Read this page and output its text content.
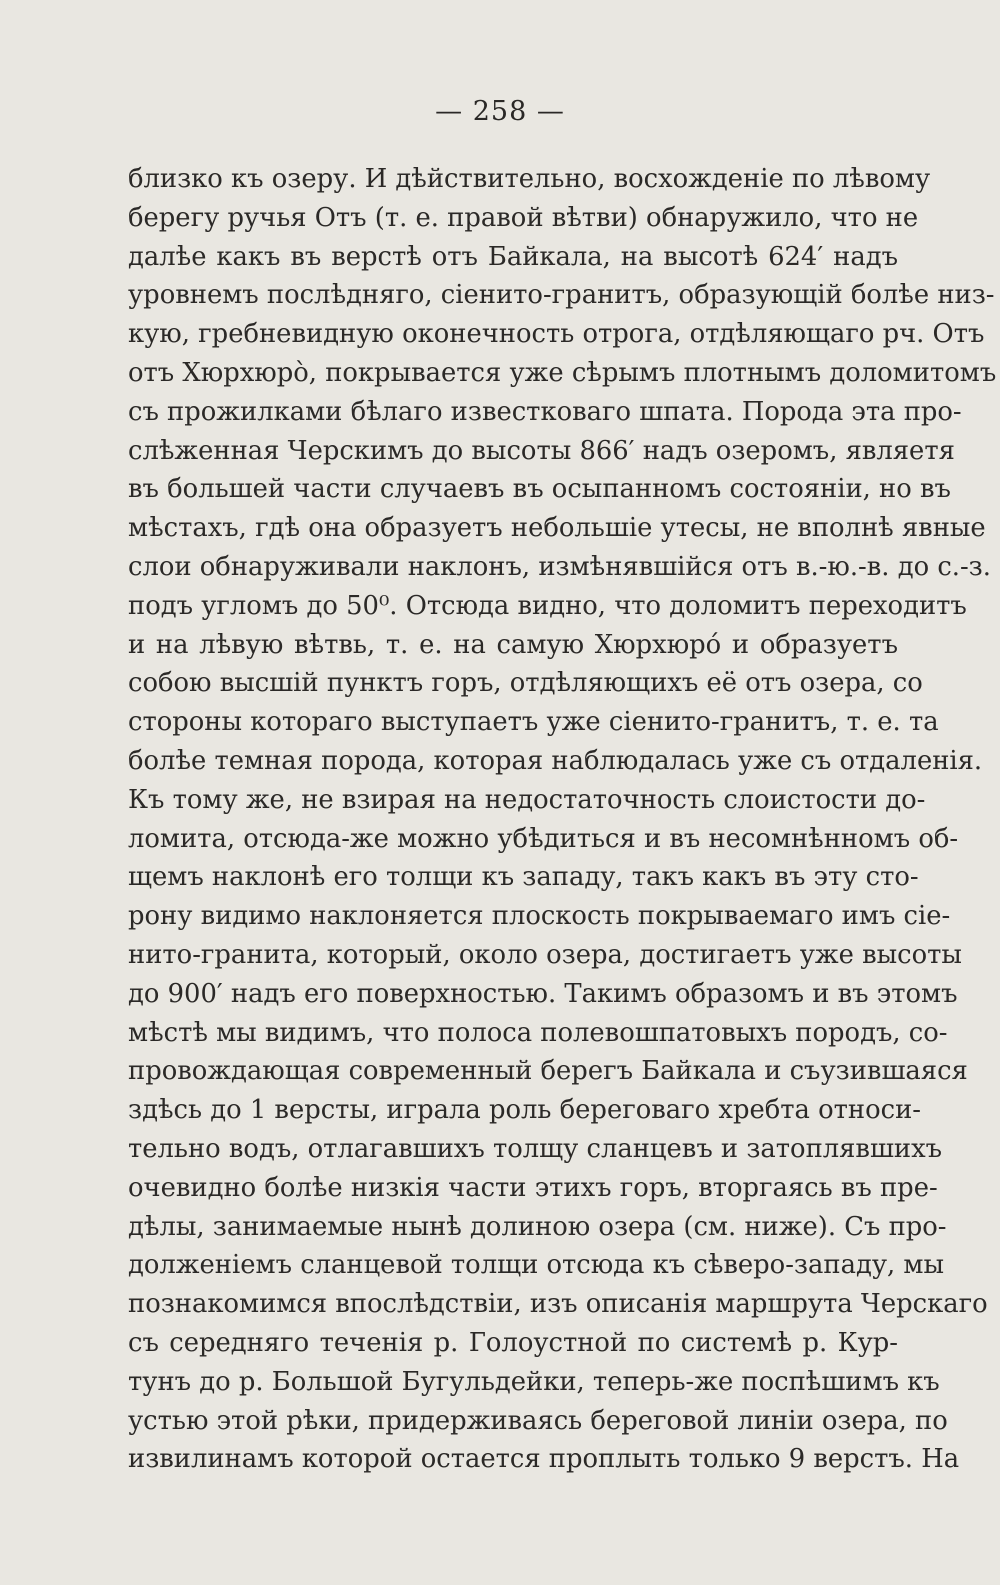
— 258 —
близко къ озеру. И дѣйствительно, восхожденіе по лѣвому
берегу ручья Отъ (т. е. правой вѣтви) обнаружило, что не
далѣе какъ въ верстѣ отъ Байкала, на высотѣ 624′ надъ
уровнемъ послѣдняго, сіенито-гранитъ, образующій болѣе низ-
кую, гребневидную оконечность отрога, отдѣляющаго рч. Отъ
отъ Хюрхюрò, покрывается уже сѣрымъ плотнымъ доломитомъ
съ прожилками бѣлаго известковаго шпата. Порода эта про-
слѣженная Черскимъ до высоты 866′ надъ озеромъ, являетя
въ большей части случаевъ въ осыпанномъ состояніи, но въ
мѣстахъ, гдѣ она образуетъ небольшіе утесы, не вполнѣ явные
слои обнаруживали наклонъ, измѣнявшійся отъ в.-ю.-в. до с.-з.
подъ угломъ до 50⁰. Отсюда видно, что доломитъ переходитъ
и на лѣвую вѣтвь, т. е. на самую Хюрхюрó и образуетъ
собою высшій пунктъ горъ, отдѣляющихъ её отъ озера, со
стороны котораго выступаетъ уже сіенито-гранитъ, т. е. та
болѣе темная порода, которая наблюдалась уже съ отдаленія.
Къ тому же, не взирая на недостаточность слоистости до-
ломита, отсюда-же можно убѣдиться и въ несомнѣнномъ об-
щемъ наклонѣ его толщи къ западу, такъ какъ въ эту сто-
рону видимо наклоняется плоскость покрываемаго имъ сіе-
нито-гранита, который, около озера, достигаетъ уже высоты
до 900′ надъ его поверхностью. Такимъ образомъ и въ этомъ
мѣстѣ мы видимъ, что полоса полевошпатовыхъ породъ, со-
провождающая современный берегъ Байкала и съузившаяся
здѣсь до 1 версты, играла роль береговаго хребта относи-
тельно водъ, отлагавшихъ толщу сланцевъ и затоплявшихъ
очевидно болѣе низкія части этихъ горъ, вторгаясь въ пре-
дѣлы, занимаемые нынѣ долиною озера (см. ниже). Съ про-
долженіемъ сланцевой толщи отсюда къ сѣверо-западу, мы
познакомимся впослѣдствіи, изъ описанія маршрута Черскаго
съ середняго теченія р. Голоустной по системѣ р. Кур-
тунъ до р. Большой Бугульдейки, теперь-же поспѣшимъ къ
устью этой рѣки, придерживаясь береговой линіи озера, по
извилинамъ которой остается проплыть только 9 верстъ. На
